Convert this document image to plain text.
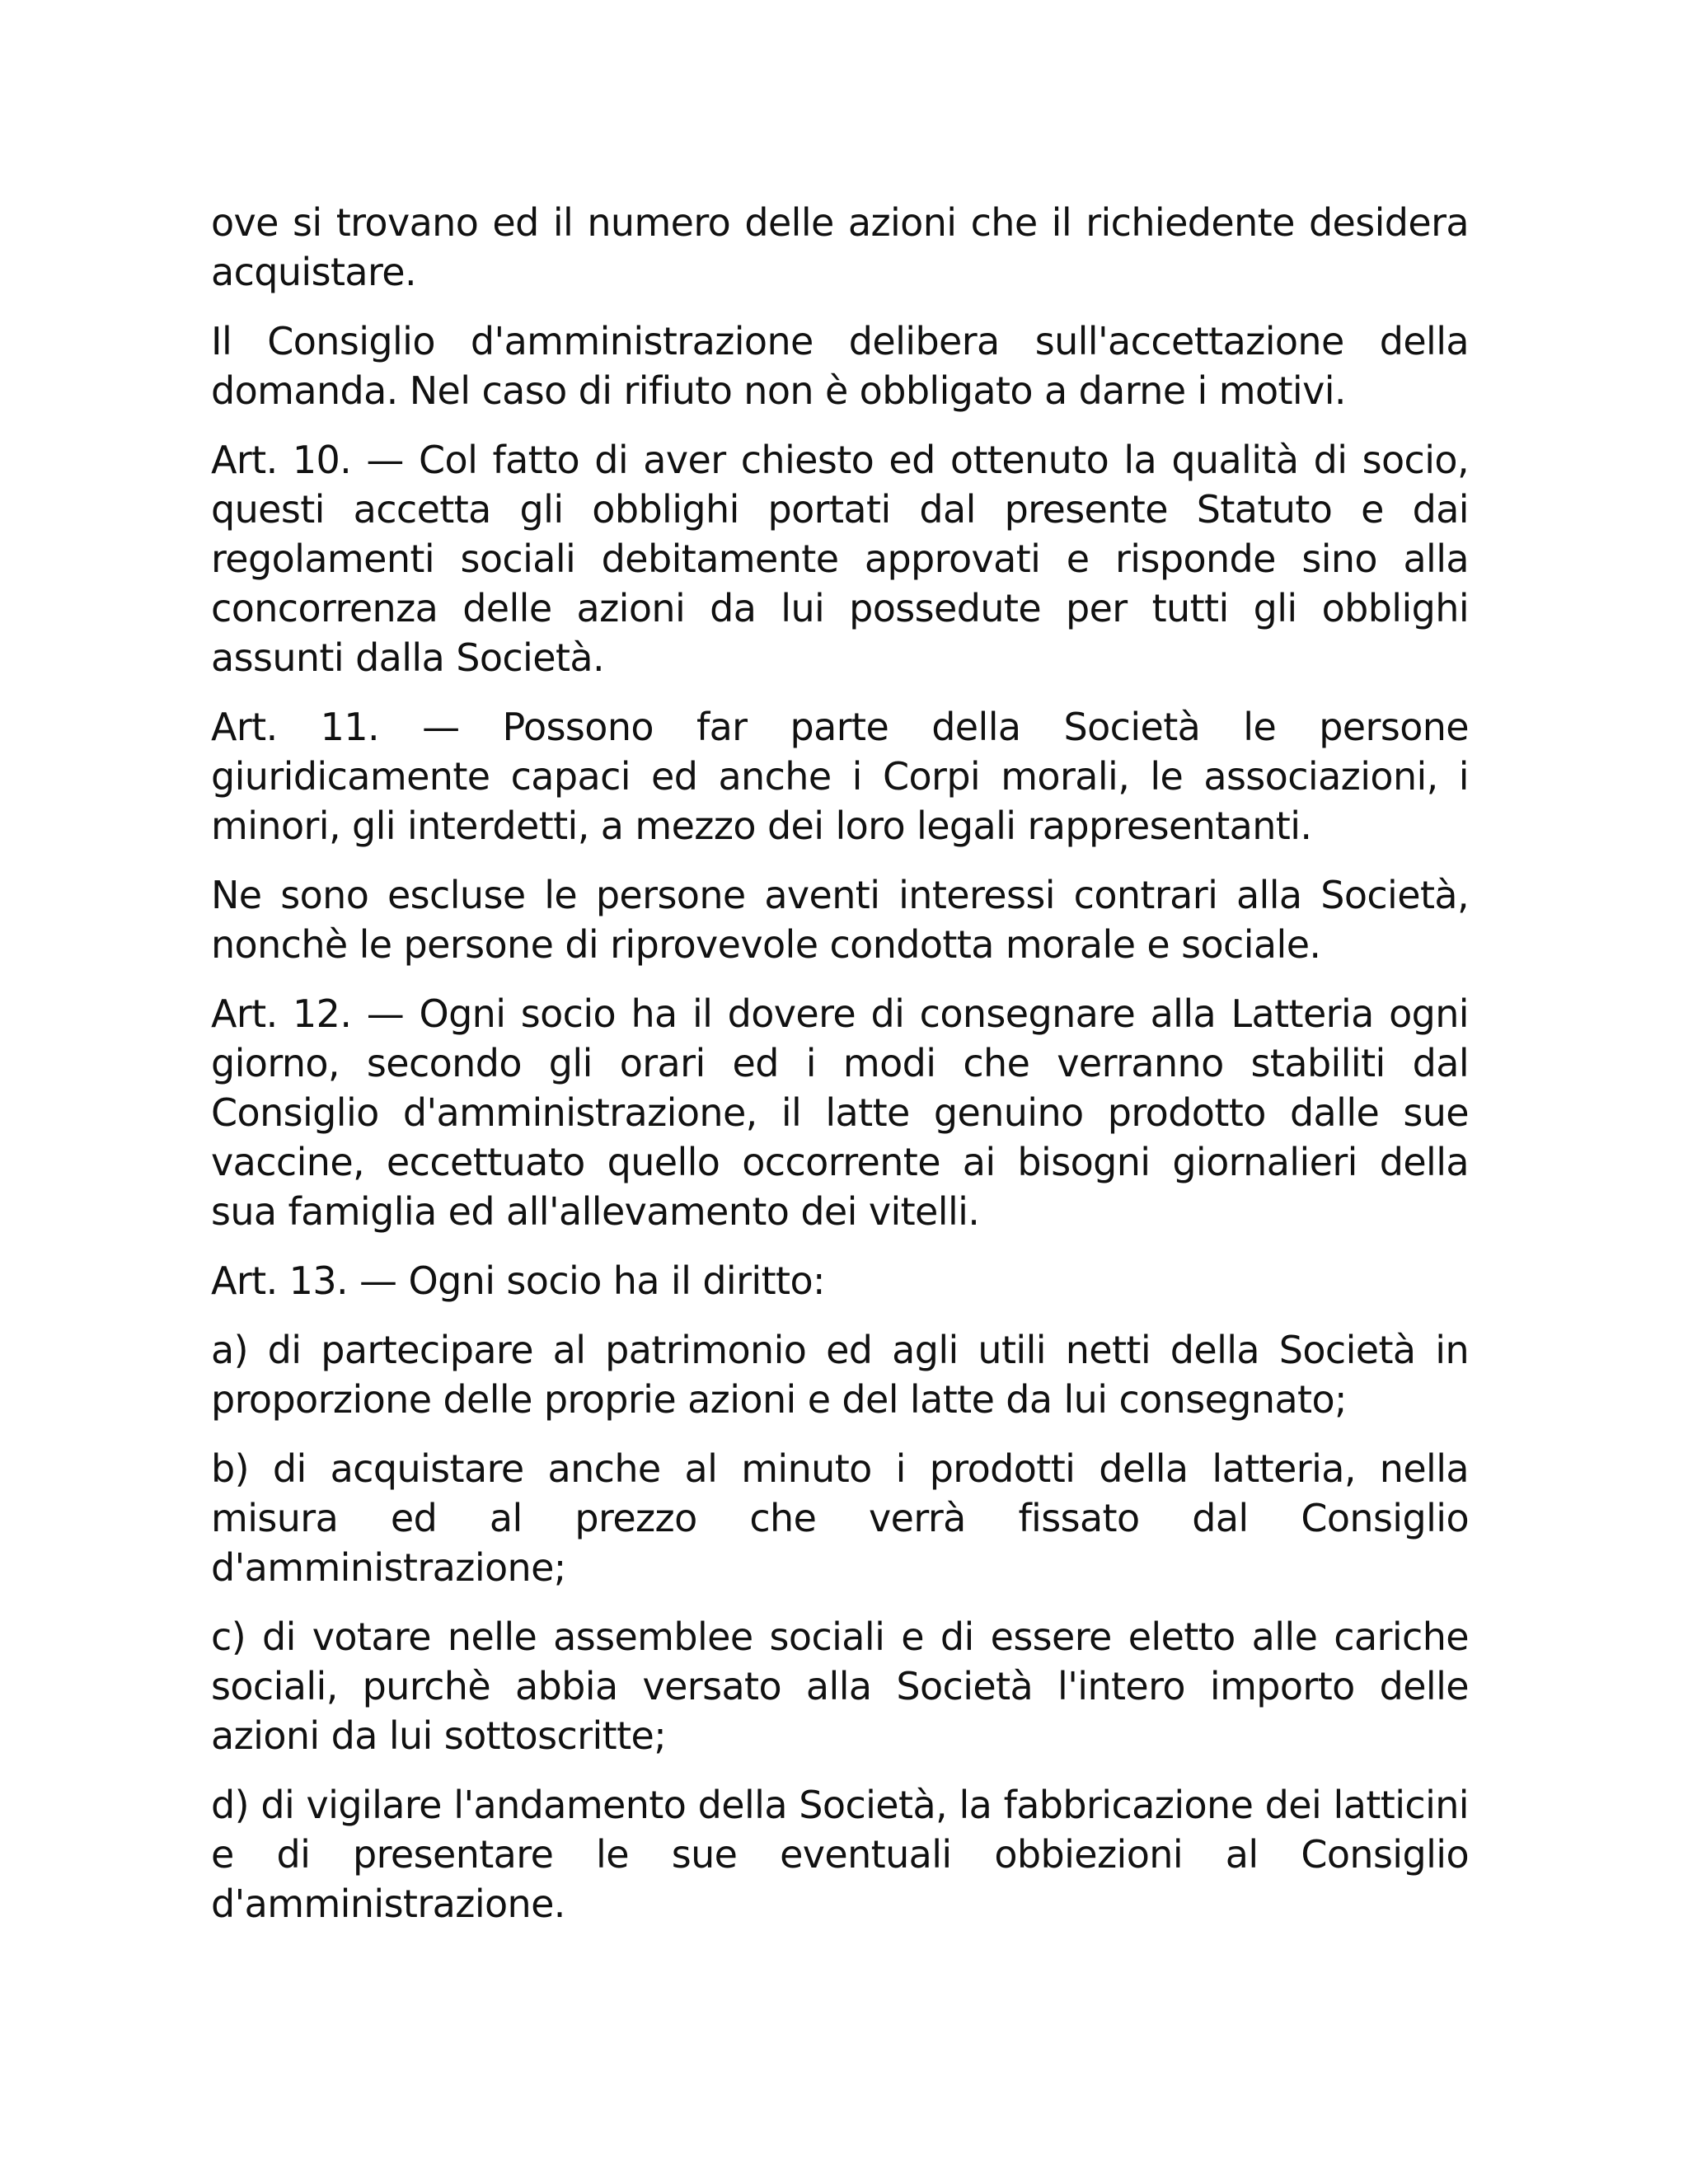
ove si trovano ed il numero delle azioni che il richiedente desidera acquistare.

Il Consiglio d'amministrazione delibera sull'accettazione della domanda. Nel caso di rifiuto non è obbligato a darne i motivi.

Art. 10. — Col fatto di aver chiesto ed ottenuto la qualità di socio, questi accetta gli obblighi portati dal presente Statuto e dai regolamenti sociali debitamente approvati e risponde sino alla concorrenza delle azioni da lui possedute per tutti gli obblighi assunti dalla Società.

Art. 11. — Possono far parte della Società le persone giuridicamente capaci ed anche i Corpi morali, le associazioni, i minori, gli interdetti, a mezzo dei loro legali rappresentanti.

Ne sono escluse le persone aventi interessi contrari alla Società, nonchè le persone di riprovevole condotta morale e sociale.

Art. 12. — Ogni socio ha il dovere di consegnare alla Latteria ogni giorno, secondo gli orari ed i modi che verranno stabiliti dal Consiglio d'amministrazione, il latte genuino prodotto dalle sue vaccine, eccettuato quello occorrente ai bisogni giornalieri della sua famiglia ed all'allevamento dei vitelli.

Art. 13. — Ogni socio ha il diritto:

a) di partecipare al patrimonio ed agli utili netti della Società in proporzione delle proprie azioni e del latte da lui consegnato;

b) di acquistare anche al minuto i prodotti della latteria, nella misura ed al prezzo che verrà fissato dal Consiglio d'amministrazione;

c) di votare nelle assemblee sociali e di essere eletto alle cariche sociali, purchè abbia versato alla Società l'intero importo delle azioni da lui sottoscritte;

d) di vigilare l'andamento della Società, la fabbricazione dei latticini e di presentare le sue eventuali obbiezioni al Consiglio d'amministrazione.
